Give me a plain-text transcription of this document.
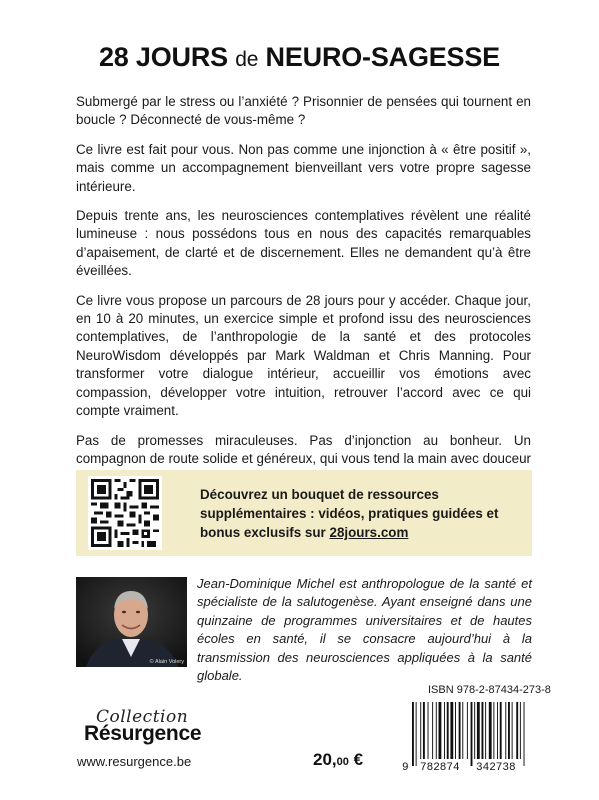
28 JOURS de NEURO-SAGESSE

Submergé par le stress ou l’anxiété ? Prisonnier de pensées qui tournent en boucle ? Déconnecté de vous-même ?

Ce livre est fait pour vous. Non pas comme une injonction à « être positif », mais comme un accompagnement bienveillant vers votre propre sagesse intérieure.

Depuis trente ans, les neurosciences contemplatives révèlent une réalité lumineuse : nous possédons tous en nous des capacités remarquables d’apaisement, de clarté et de discernement. Elles ne demandent qu’à être éveillées.

Ce livre vous propose un parcours de 28 jours pour y accéder. Chaque jour, en 10 à 20 minutes, un exercice simple et profond issu des neurosciences contemplatives, de l’anthropologie de la santé et des protocoles NeuroWisdom développés par Mark Waldman et Chris Manning. Pour transformer votre dialogue intérieur, accueillir vos émotions avec compassion, développer votre intuition, retrouver l’accord avec ce qui compte vraiment.

Pas de promesses miraculeuses. Pas d’injonction au bonheur. Un compagnon de route solide et généreux, qui vous tend la main avec douceur

Découvrez un bouquet de ressources supplémentaires : vidéos, pratiques guidées et bonus exclusifs sur 28jours.com
© Alain Volery
Jean-Dominique Michel est anthropologue de la santé et spécialiste de la salutogenèse. Ayant enseigné dans une quinzaine de programmes universitaires et de hautes écoles en santé, il se consacre aujourd’hui à la transmission des neurosciences appliquées à la santé globale.
ISBN 978-2-87434-273-8
9 782874 342738
Collection
Résurgence
www.resurgence.be	20,00 €
